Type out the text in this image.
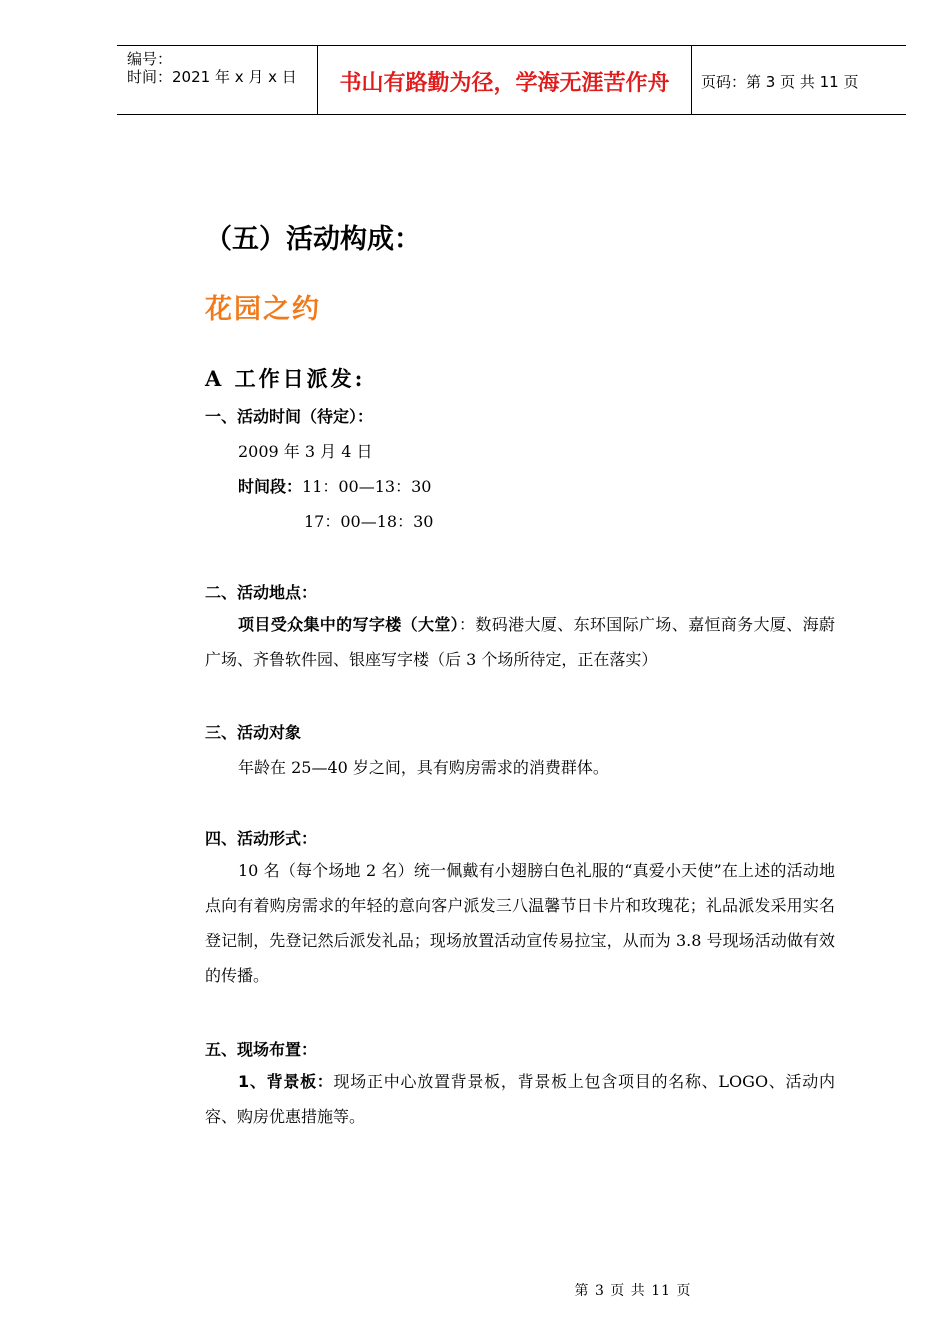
编号：
时间：2021 年 x 月 x 日	书山有路勤为径，学海无涯苦作舟	页码：第 3 页 共 11 页
（五）活动构成：
花园之约
A 工作日派发:
一、活动时间（待定）：
2009 年 3 月 4 日
时间段：11：00—13：30
17：00—18：30
二、活动地点：
项目受众集中的写字楼（大堂）：数码港大厦、东环国际广场、嘉恒商务大厦、海蔚广场、齐鲁软件园、银座写字楼（后 3 个场所待定，正在落实）
三、活动对象
年龄在 25—40 岁之间，具有购房需求的消费群体。
四、活动形式：
10 名（每个场地 2 名）统一佩戴有小翅膀白色礼服的“真爱小天使”在上述的活动地点向有着购房需求的年轻的意向客户派发三八温馨节日卡片和玫瑰花；礼品派发采用实名登记制，先登记然后派发礼品；现场放置活动宣传易拉宝，从而为 3.8 号现场活动做有效的传播。
五、现场布置：
1、背景板：现场正中心放置背景板，背景板上包含项目的名称、LOGO、活动内容、购房优惠措施等。
第 3 页 共 11 页
